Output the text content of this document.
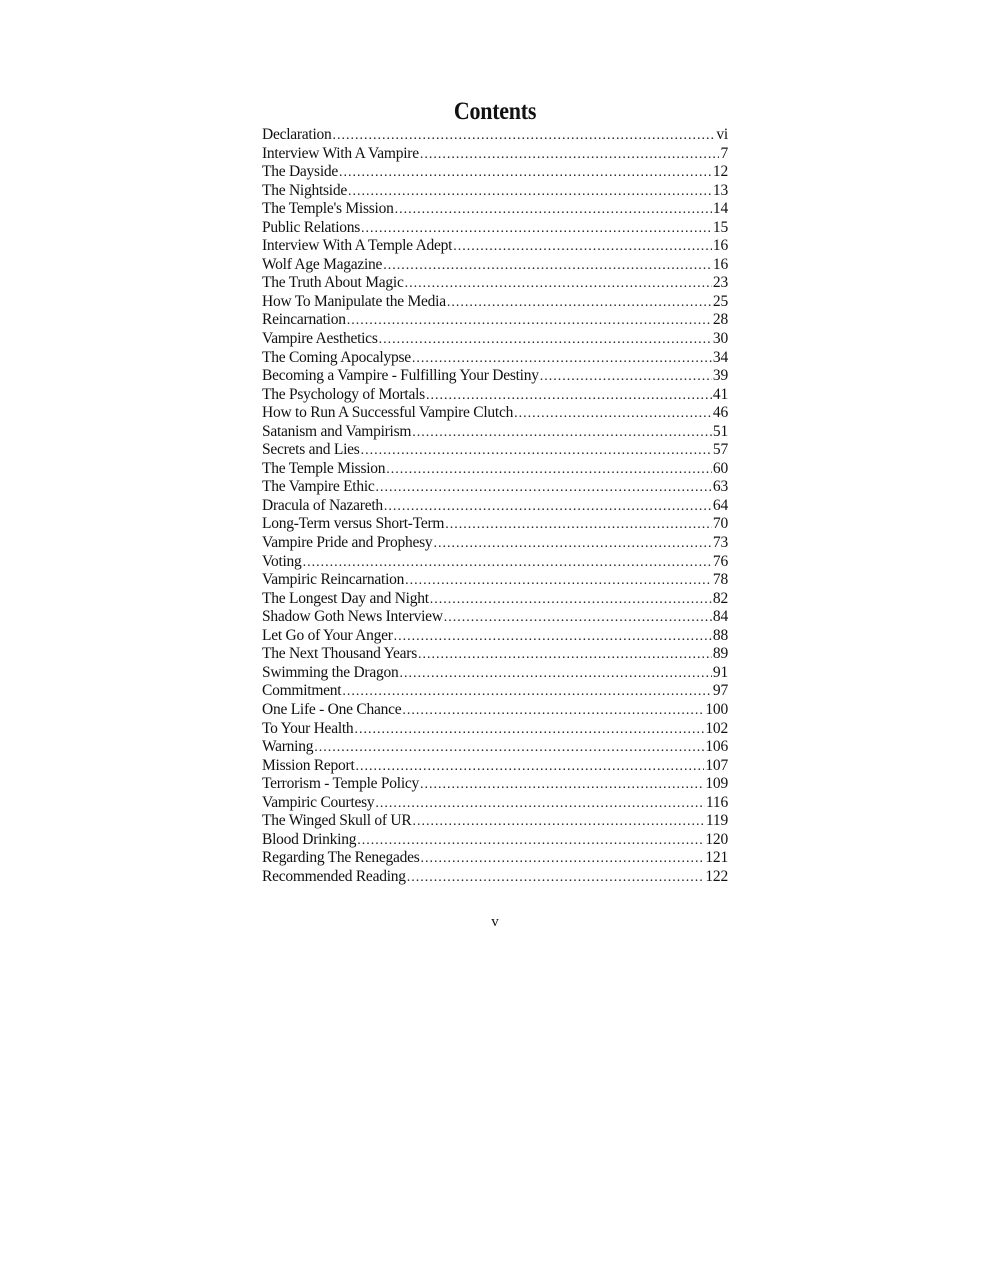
Contents
Declaration .....	vi
Interview With A Vampire .....	7
The Dayside .....	12
The Nightside .....	13
The Temple's Mission .....	14
Public Relations .....	15
Interview With A Temple Adept .....	16
Wolf Age Magazine .....	16
The Truth About Magic .....	23
How To Manipulate the Media .....	25
Reincarnation .....	28
Vampire Aesthetics .....	30
The Coming Apocalypse .....	34
Becoming a Vampire - Fulfilling Your Destiny .....	39
The Psychology of Mortals .....	41
How to Run A Successful Vampire Clutch .....	46
Satanism and Vampirism .....	51
Secrets and Lies .....	57
The Temple Mission .....	60
The Vampire Ethic .....	63
Dracula of Nazareth .....	64
Long-Term versus Short-Term .....	70
Vampire Pride and Prophesy .....	73
Voting .....	76
Vampiric Reincarnation .....	78
The Longest Day and Night .....	82
Shadow Goth News Interview .....	84
Let Go of Your Anger .....	88
The Next Thousand Years .....	89
Swimming the Dragon .....	91
Commitment .....	97
One Life - One Chance .....	100
To Your Health .....	102
Warning .....	106
Mission Report .....	107
Terrorism - Temple Policy .....	109
Vampiric Courtesy .....	116
The Winged Skull of UR .....	119
Blood Drinking .....	120
Regarding The Renegades .....	121
Recommended Reading .....	122
v
